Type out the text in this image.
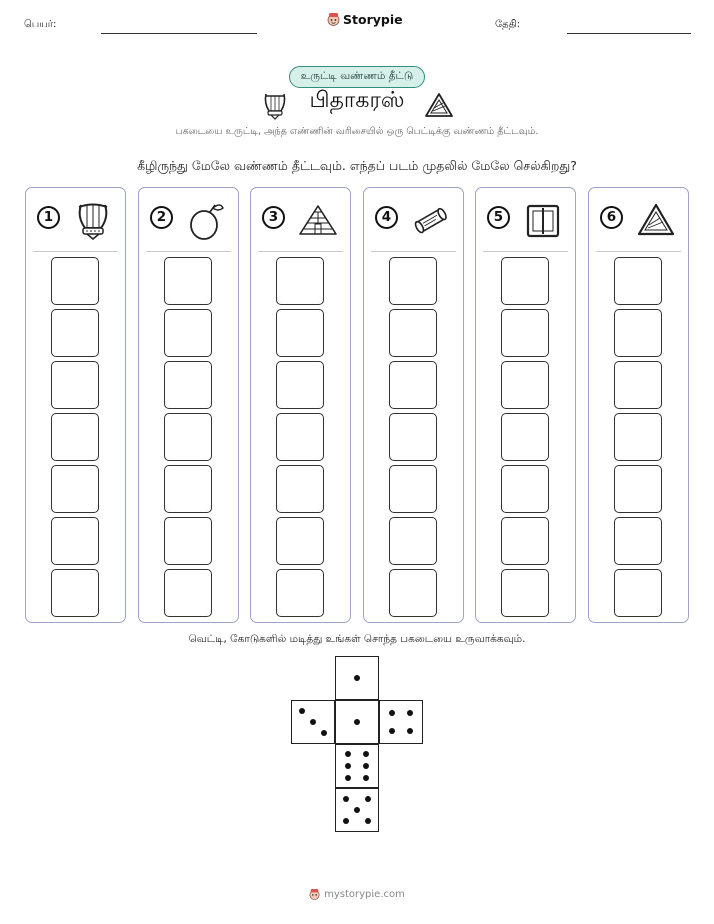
பெயர்:	Storypie	தேதி:
உருட்டி வண்ணம் தீட்டு
பிதாகரஸ்
பகடையை உருட்டி, அந்த எண்ணின் வரிசையில் ஒரு பெட்டிக்கு வண்ணம் தீட்டவும்.
கீழிருந்து மேலே வண்ணம் தீட்டவும். எந்தப் படம் முதலில் மேலே செல்கிறது?
1	2	3	4	5	6
வெட்டி, கோடுகளில் மடித்து உங்கள் சொந்த பகடையை உருவாக்கவும்.
mystorypie.com
